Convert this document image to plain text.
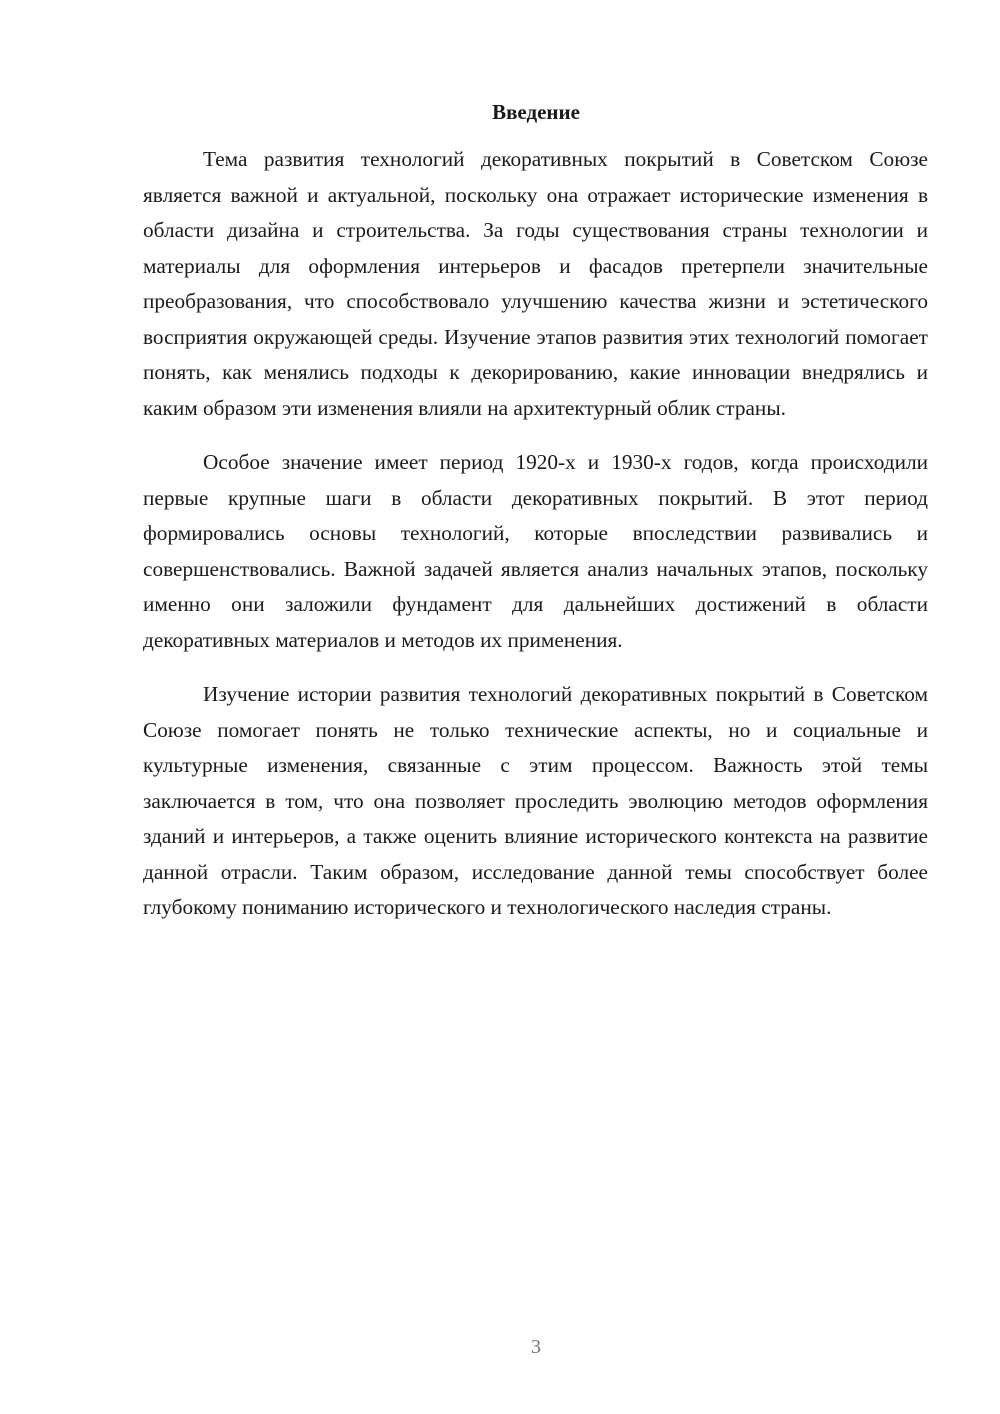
Введение

Тема развития технологий декоративных покрытий в Советском Союзе является важной и актуальной, поскольку она отражает исторические изменения в области дизайна и строительства. За годы существования страны технологии и материалы для оформления интерьеров и фасадов претерпели значительные преобразования, что способствовало улучшению качества жизни и эстетического восприятия окружающей среды. Изучение этапов развития этих технологий помогает понять, как менялись подходы к декорированию, какие инновации внедрялись и каким образом эти изменения влияли на архитектурный облик страны.

Особое значение имеет период 1920-х и 1930-х годов, когда происходили первые крупные шаги в области декоративных покрытий. В этот период формировались основы технологий, которые впоследствии развивались и совершенствовались. Важной задачей является анализ начальных этапов, поскольку именно они заложили фундамент для дальнейших достижений в области декоративных материалов и методов их применения.

Изучение истории развития технологий декоративных покрытий в Советском Союзе помогает понять не только технические аспекты, но и социальные и культурные изменения, связанные с этим процессом. Важность этой темы заключается в том, что она позволяет проследить эволюцию методов оформления зданий и интерьеров, а также оценить влияние исторического контекста на развитие данной отрасли. Таким образом, исследование данной темы способствует более глубокому пониманию исторического и технологического наследия страны.

3
